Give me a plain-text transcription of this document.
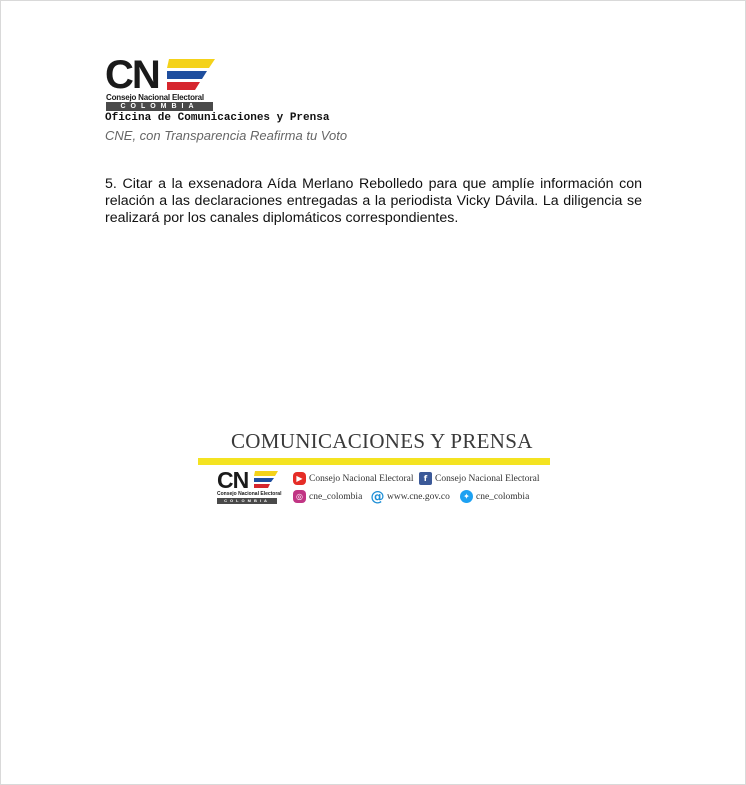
CN
Consejo Nacional Electoral
COLOMBIA
Oficina de Comunicaciones y Prensa
CNE, con Transparencia Reafirma tu Voto
5. Citar a la exsenadora Aída Merlano Rebolledo para que amplíe información con relación a las declaraciones entregadas a la periodista Vicky Dávila. La diligencia se realizará por los canales diplomáticos correspondientes.
COMUNICACIONES Y PRENSA
CN
Consejo Nacional Electoral
COLOMBIA
▶ Consejo Nacional Electoral	f Consejo Nacional Electoral
◎ cne_colombia @ www.cne.gov.co	✦ cne_colombia
